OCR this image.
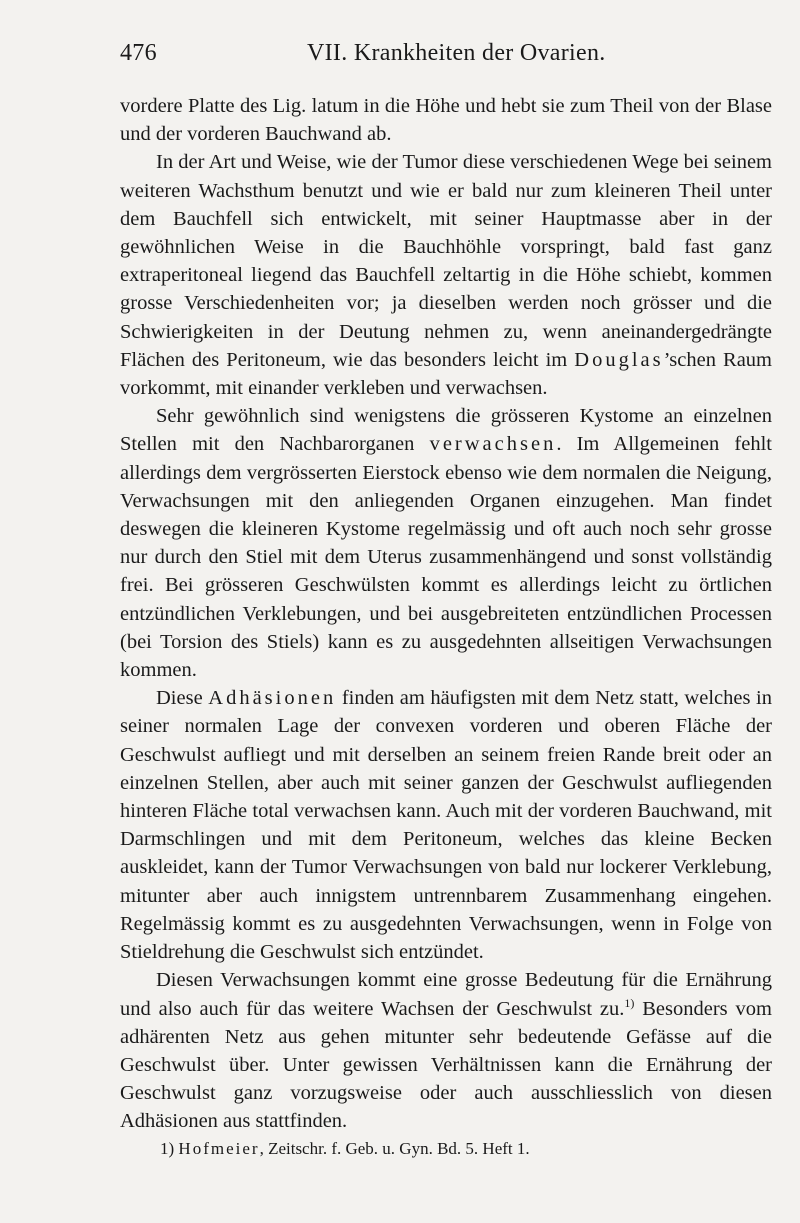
476	VII. Krankheiten der Ovarien.

vordere Platte des Lig. latum in die Höhe und hebt sie zum Theil von der Blase und der vorderen Bauchwand ab.

In der Art und Weise, wie der Tumor diese verschiedenen Wege bei seinem weiteren Wachsthum benutzt und wie er bald nur zum kleineren Theil unter dem Bauchfell sich entwickelt, mit seiner Hauptmasse aber in der gewöhnlichen Weise in die Bauchhöhle vorspringt, bald fast ganz extraperitoneal liegend das Bauchfell zeltartig in die Höhe schiebt, kommen grosse Verschiedenheiten vor; ja dieselben werden noch grösser und die Schwierigkeiten in der Deutung nehmen zu, wenn aneinandergedrängte Flächen des Peritoneum, wie das besonders leicht im Douglas’schen Raum vorkommt, mit einander verkleben und verwachsen.

Sehr gewöhnlich sind wenigstens die grösseren Kystome an einzelnen Stellen mit den Nachbarorganen verwachsen. Im Allgemeinen fehlt allerdings dem vergrösserten Eierstock ebenso wie dem normalen die Neigung, Verwachsungen mit den anliegenden Organen einzugehen. Man findet deswegen die kleineren Kystome regelmässig und oft auch noch sehr grosse nur durch den Stiel mit dem Uterus zusammenhängend und sonst vollständig frei. Bei grösseren Geschwülsten kommt es allerdings leicht zu örtlichen entzündlichen Verklebungen, und bei ausgebreiteten entzündlichen Processen (bei Torsion des Stiels) kann es zu ausgedehnten allseitigen Verwachsungen kommen.

Diese Adhäsionen finden am häufigsten mit dem Netz statt, welches in seiner normalen Lage der convexen vorderen und oberen Fläche der Geschwulst aufliegt und mit derselben an seinem freien Rande breit oder an einzelnen Stellen, aber auch mit seiner ganzen der Geschwulst aufliegenden hinteren Fläche total verwachsen kann. Auch mit der vorderen Bauchwand, mit Darmschlingen und mit dem Peritoneum, welches das kleine Becken auskleidet, kann der Tumor Verwachsungen von bald nur lockerer Verklebung, mitunter aber auch innigstem untrennbarem Zusammenhang eingehen. Regelmässig kommt es zu ausgedehnten Verwachsungen, wenn in Folge von Stieldrehung die Geschwulst sich entzündet.

Diesen Verwachsungen kommt eine grosse Bedeutung für die Ernährung und also auch für das weitere Wachsen der Geschwulst zu.$^{1)}$ Besonders vom adhärenten Netz aus gehen mitunter sehr bedeutende Gefässe auf die Geschwulst über. Unter gewissen Verhältnissen kann die Ernährung der Geschwulst ganz vorzugsweise oder auch ausschliesslich von diesen Adhäsionen aus stattfinden.

1) Hofmeier, Zeitschr. f. Geb. u. Gyn. Bd. 5. Heft 1.
